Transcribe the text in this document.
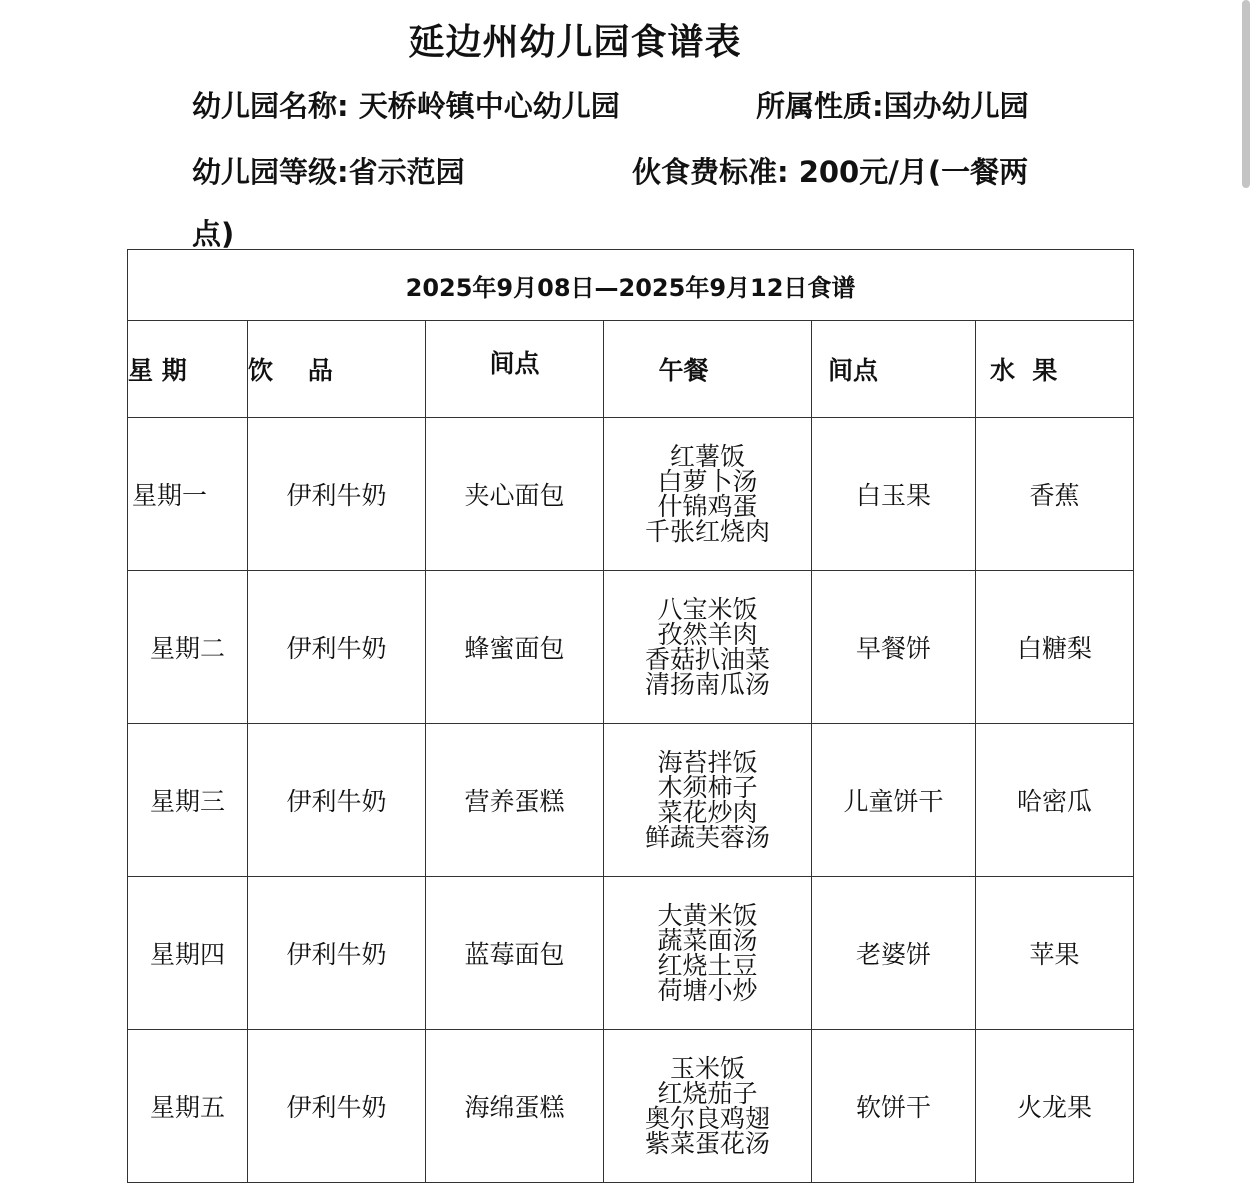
延边州幼儿园食谱表
幼儿园名称: 天桥岭镇中心幼儿园	所属性质:国办幼儿园
幼儿园等级:省示范园	伙食费标准: 200元/月(一餐两
点)
2025年9月08日—2025年9月12日食谱					
星 期	饮    品	间点	午餐	间点	水  果
星期一	伊利牛奶	夹心面包	红薯饭
白萝卜汤
什锦鸡蛋
千张红烧肉	白玉果	香蕉
星期二	伊利牛奶	蜂蜜面包	八宝米饭
孜然羊肉
香菇扒油菜
清扬南瓜汤	早餐饼	白糖梨
星期三	伊利牛奶	营养蛋糕	海苔拌饭
木须柿子
菜花炒肉
鲜蔬芙蓉汤	儿童饼干	哈密瓜
星期四	伊利牛奶	蓝莓面包	大黄米饭
蔬菜面汤
红烧土豆
荷塘小炒	老婆饼	苹果
星期五	伊利牛奶	海绵蛋糕	玉米饭
红烧茄子
奥尔良鸡翅
紫菜蛋花汤	软饼干	火龙果
